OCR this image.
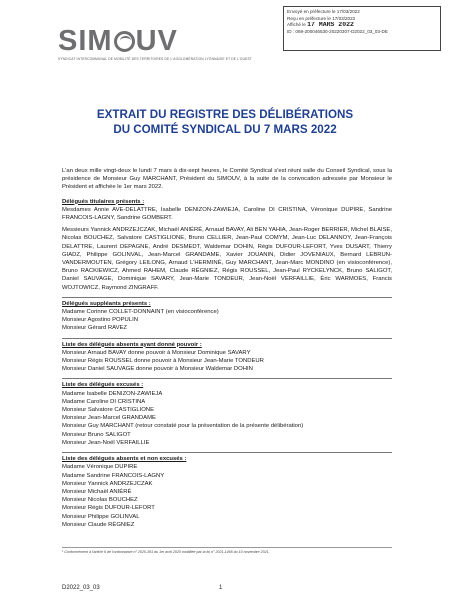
Envoyé en préfecture le 17/03/2022
Reçu en préfecture le 17/03/2022
Affiché le 17 MARS 2022
ID : 069-200046530-20220307-D2022_03_03-DE
SIM UV
SYNDICAT INTERCOMMUNAL DE MOBILITÉ DES TERRITOIRES DE L'AGGLOMÉRATION LYONNAISE ET DE L'OUEST
EXTRAIT DU REGISTRE DES DÉLIBÉRATIONS
DU COMITÉ SYNDICAL DU 7 MARS 2022

L'an deux mille vingt-deux le lundi 7 mars à dix-sept heures, le Comité Syndical s'est réuni salle du Conseil Syndical, sous la présidence de Monsieur Guy MARCHANT, Président du SIMOUV, à la suite de la convocation adressée par Monsieur le Président et affichée le 1er mars 2022.

Délégués titulaires présents :

Mesdames Annie AVE-DELATTRE, Isabelle DENIZON-ZAWIEJA, Caroline DI CRISTINA, Véronique DUPIRE, Sandrine FRANCOIS-LAGNY, Sandrine GOMBERT.

Messieurs Yannick ANDRZEJCZAK, Michaël ANIÉRÉ, Arnaud BAVAY, Ali BEN YAHIA, Jean-Roger BERRIER, Michel BLAISE, Nicolas BOUCHEZ, Salvatore CASTIGLIONE, Bruno CELLIER, Jean-Paul COMYM, Jean-Luc DELANNOY, Jean-François DELATTRE, Laurent DEPAGNE, André DESMEDT, Waldemar DOHIN, Régis DUFOUR-LEFORT, Yves DUSART, Thierry GIADZ, Philippe GOLINVAL, Jean-Marcel GRANDAME, Xavier JOUANIN, Didier JOVENIAUX, Bernard LEBRUN-VANDERMOUTEN, Grégory LEILONG, Arnaud L'HERMINÉ, Guy MARCHANT, Jean-Marc MONDINO (en visioconférence), Bruno RACKIEWICZ, Ahmed RAHEM, Claude RÉGNIEZ, Régis ROUSSEL, Jean-Paul RYCKELYNCK, Bruno SALIGOT, Daniel SAUVAGE, Dominique SAVARY, Jean-Marie TONDEUR, Jean-Noël VERFAILLIE, Éric WARMOES, Francis WOJTOWICZ, Raymond ZINGRAFF.

Délégués suppléants présents :

Madame Corinne COLLET-DONNAINT (en visioconférence)

Monsieur Agostino POPULIN

Monsieur Gérard RAVEZ

Liste des délégués absents ayant donné pouvoir :

Monsieur Arnaud BAVAY donne pouvoir à Monsieur Dominique SAVARY

Monsieur Régis ROUSSEL donne pouvoir à Monsieur Jean-Marie TONDEUR

Monsieur Daniel SAUVAGE donne pouvoir à Monsieur Waldemar DOHIN

Liste des délégués excusés :

Madame Isabelle DENIZON-ZAWIEJA

Madame Caroline DI CRISTINA

Monsieur Salvatore CASTIGLIONE

Monsieur Jean-Marcel GRANDAME

Monsieur Guy MARCHANT (retour constaté pour la présentation de la présente délibération)

Monsieur Bruno SALIGOT

Monsieur Jean-Noël VERFAILLIE

Liste des délégués absents et non excusés :

Madame Véronique DUPIRE

Madame Sandrine FRANCOIS-LAGNY

Monsieur Yannick ANDRZEJCZAK

Monsieur Michaël ANIÉRÉ

Monsieur Nicolas BOUCHEZ

Monsieur Régis DUFOUR-LEFORT

Monsieur Philippe GOLINVAL

Monsieur Claude RÉGNIEZ

¹ Conformément à l'article 6 de l'ordonnance n° 2020-391 du 1er avril 2020 modifiée par la loi n° 2021-1465 du 10 novembre 2021.
D2022_03_03	1
